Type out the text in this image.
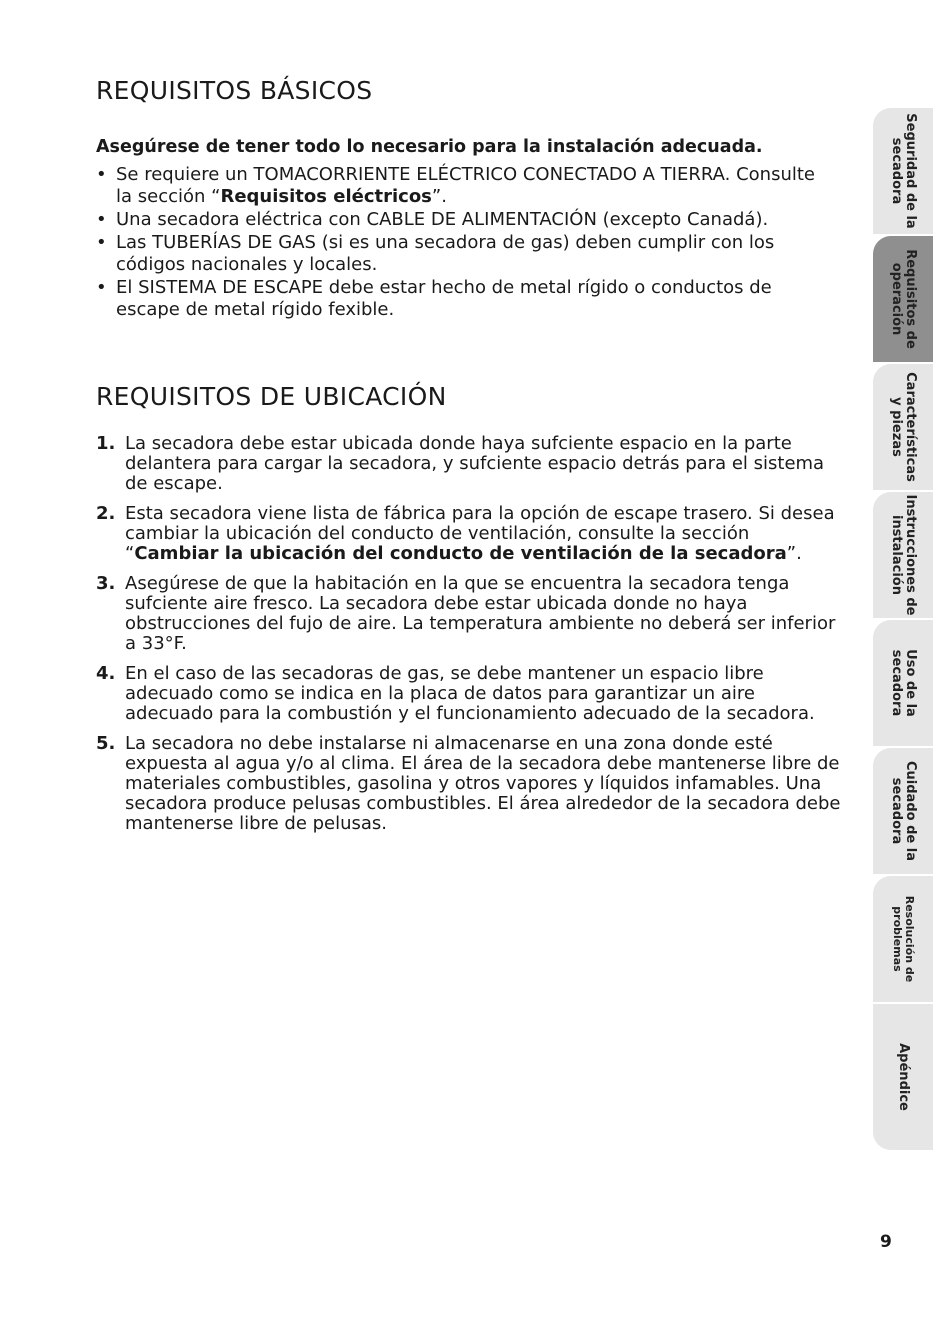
REQUISITOS BÁSICOS

Asegúrese de tener todo lo necesario para la instalación adecuada.

• Se requiere un TOMACORRIENTE ELÉCTRICO CONECTADO A TIERRA. Consulte la sección “Requisitos eléctricos”.
• Una secadora eléctrica con CABLE DE ALIMENTACIÓN (excepto Canadá).
• Las TUBERÍAS DE GAS (si es una secadora de gas) deben cumplir con los códigos nacionales y locales.
• El SISTEMA DE ESCAPE debe estar hecho de metal rígido o conductos de escape de metal rígido fexible.
REQUISITOS DE UBICACIÓN
1. La secadora debe estar ubicada donde haya sufciente espacio en la parte delantera para cargar la secadora, y sufciente espacio detrás para el sistema de escape.
2. Esta secadora viene lista de fábrica para la opción de escape trasero. Si desea cambiar la ubicación del conducto de ventilación, consulte la sección “Cambiar la ubicación del conducto de ventilación de la secadora”.
3. Asegúrese de que la habitación en la que se encuentra la secadora tenga sufciente aire fresco. La secadora debe estar ubicada donde no haya obstrucciones del fujo de aire. La temperatura ambiente no deberá ser inferior a 33°F.
4. En el caso de las secadoras de gas, se debe mantener un espacio libre adecuado como se indica en la placa de datos para garantizar un aire adecuado para la combustión y el funcionamiento adecuado de la secadora.
5. La secadora no debe instalarse ni almacenarse en una zona donde esté expuesta al agua y/o al clima. El área de la secadora debe mantenerse libre de materiales combustibles, gasolina y otros vapores y líquidos infamables. Una secadora produce pelusas combustibles. El área alrededor de la secadora debe mantenerse libre de pelusas.
Seguridad de la secadora
Requisitos de operación
Características y piezas
Instrucciones de instalación
Uso de la secadora
Cuidado de la secadora
Resolución de problemas
Apéndice
9
